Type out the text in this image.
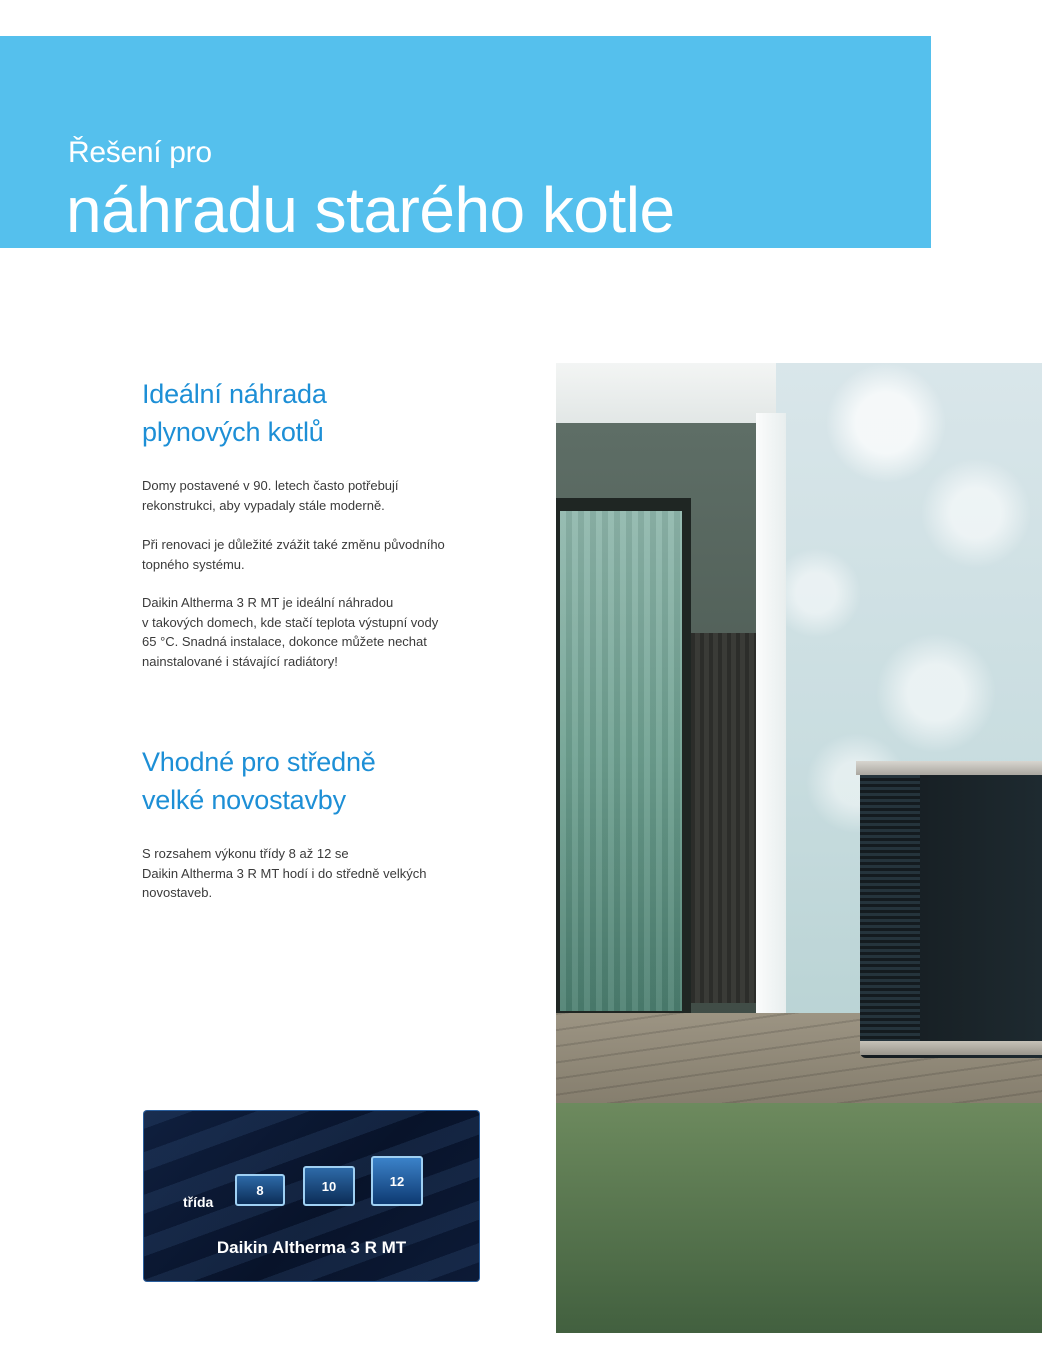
Řešení pro
náhradu starého kotle
Ideální náhrada
plynových kotlů

Domy postavené v 90. letech často potřebují
rekonstrukci, aby vypadaly stále moderně.

Při renovaci je důležité zvážit také změnu původního
topného systému.

Daikin Altherma 3 R MT je ideální náhradou
v takových domech, kde stačí teplota výstupní vody
65 °C. Snadná instalace, dokonce můžete nechat
nainstalované i stávající radiátory!

Vhodné pro středně
velké novostavby

S rozsahem výkonu třídy 8 až 12 se
Daikin Altherma 3 R MT hodí i do středně velkých
novostaveb.

třída
8	10	12
Daikin Altherma 3 R MT
